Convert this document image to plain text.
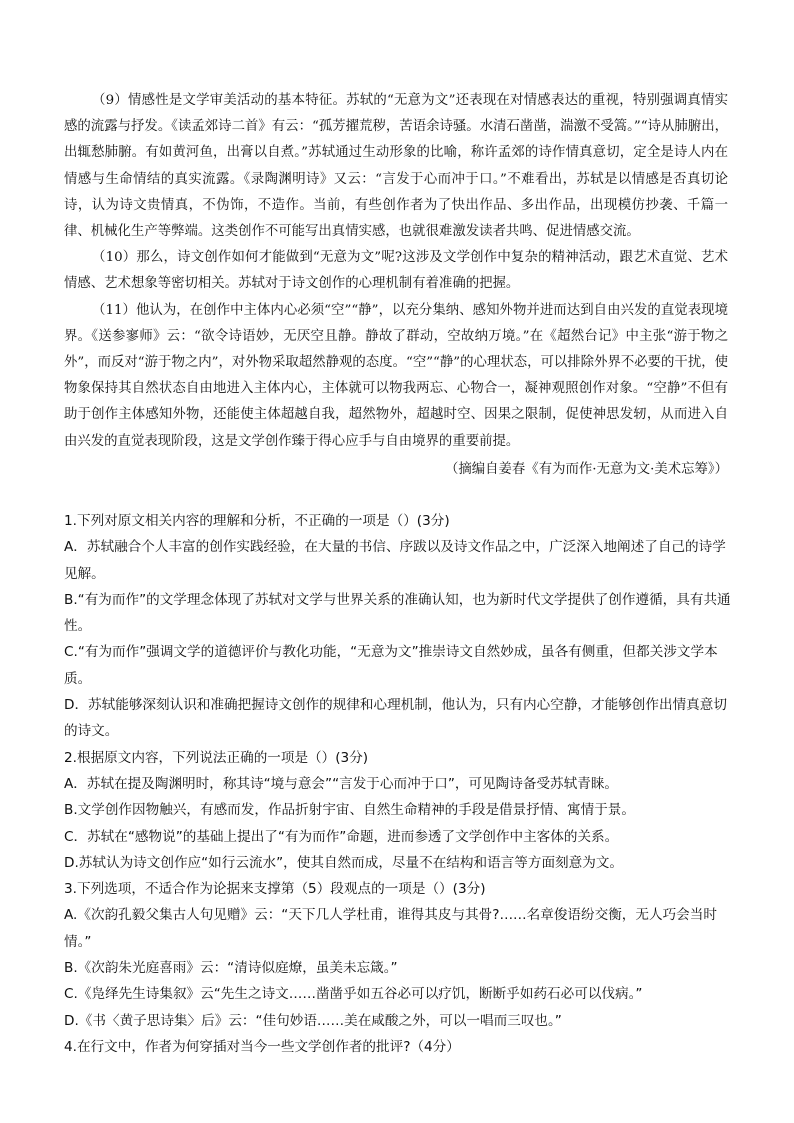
（9）情感性是文学审美活动的基本特征。苏轼的“无意为文”还表现在对情感表达的重视，特别强调真情实感的流露与抒发。《读孟郊诗二首》有云：“孤芳擢荒秽，苦语余诗骚。水清石凿凿，湍激不受篙。”“诗从肺腑出，出辄愁肺腑。有如黄河鱼，出膏以自煮。”苏轼通过生动形象的比喻，称许孟郊的诗作情真意切，定全是诗人内在情感与生命情结的真实流露。《录陶渊明诗》又云：“言发于心而冲于口。”不难看出，苏轼是以情感是否真切论诗，认为诗文贵情真，不伪饰，不造作。当前，有些创作者为了快出作品、多出作品，出现模仿抄袭、千篇一律、机械化生产等弊端。这类创作不可能写出真情实感，也就很难激发读者共鸣、促进情感交流。

（10）那么，诗文创作如何才能做到“无意为文”呢?这涉及文学创作中复杂的精神活动，跟艺术直觉、艺术情感、艺术想象等密切相关。苏轼对于诗文创作的心理机制有着准确的把握。

（11）他认为，在创作中主体内心必须“空”“静”，以充分集纳、感知外物并进而达到自由兴发的直觉表现境界。《送参寥师》云：“欲令诗语妙，无厌空且静。静故了群动，空故纳万境。”在《超然台记》中主张“游于物之外”，而反对“游于物之内”，对外物采取超然静观的态度。“空”“静”的心理状态，可以排除外界不必要的干扰，使物象保持其自然状态自由地进入主体内心，主体就可以物我两忘、心物合一，凝神观照创作对象。“空静”不但有助于创作主体感知外物，还能使主体超越自我，超然物外，超越时空、因果之限制，促使神思发轫，从而进入自由兴发的直觉表现阶段，这是文学创作臻于得心应手与自由境界的重要前提。

（摘编自姜春《有为而作·无意为文·美术忘筹》）

1.下列对原文相关内容的理解和分析，不正确的一项是（）(3分)

A．苏轼融合个人丰富的创作实践经验，在大量的书信、序跋以及诗文作品之中，广泛深入地阐述了自己的诗学见解。

B.“有为而作”的文学理念体现了苏轼对文学与世界关系的准确认知，也为新时代文学提供了创作遵循，具有共通性。

C.“有为而作”强调文学的道德评价与教化功能，“无意为文”推崇诗文自然妙成，虽各有侧重，但都关涉文学本质。

D．苏轼能够深刻认识和准确把握诗文创作的规律和心理机制，他认为，只有内心空静，才能够创作出情真意切的诗文。

2.根据原文内容，下列说法正确的一项是（）(3分)

A．苏轼在提及陶渊明时，称其诗“境与意会”“言发于心而冲于口”，可见陶诗备受苏轼青睐。

B.文学创作因物触兴，有感而发，作品折射宇宙、自然生命精神的手段是借景抒情、寓情于景。

C．苏轼在“感物说”的基础上提出了“有为而作”命题，进而参透了文学创作中主客体的关系。

D.苏轼认为诗文创作应“如行云流水”，使其自然而成，尽量不在结构和语言等方面刻意为文。

3.下列选项，不适合作为论据来支撑第（5）段观点的一项是（）(3分)

A.《次韵孔毅父集古人句见赠》云：“天下几人学杜甫，谁得其皮与其骨?……名章俊语纷交衡，无人巧会当时情。”

B.《次韵朱光庭喜雨》云：“清诗似庭燎，虽美未忘箴。”

C.《凫绎先生诗集叙》云“先生之诗文……凿凿乎如五谷必可以疗饥，断断乎如药石必可以伐病。”

D.《书〈黄子思诗集〉后》云：“佳句妙语……美在咸酸之外，可以一唱而三叹也。”

4.在行文中，作者为何穿插对当今一些文学创作者的批评?（4分）
